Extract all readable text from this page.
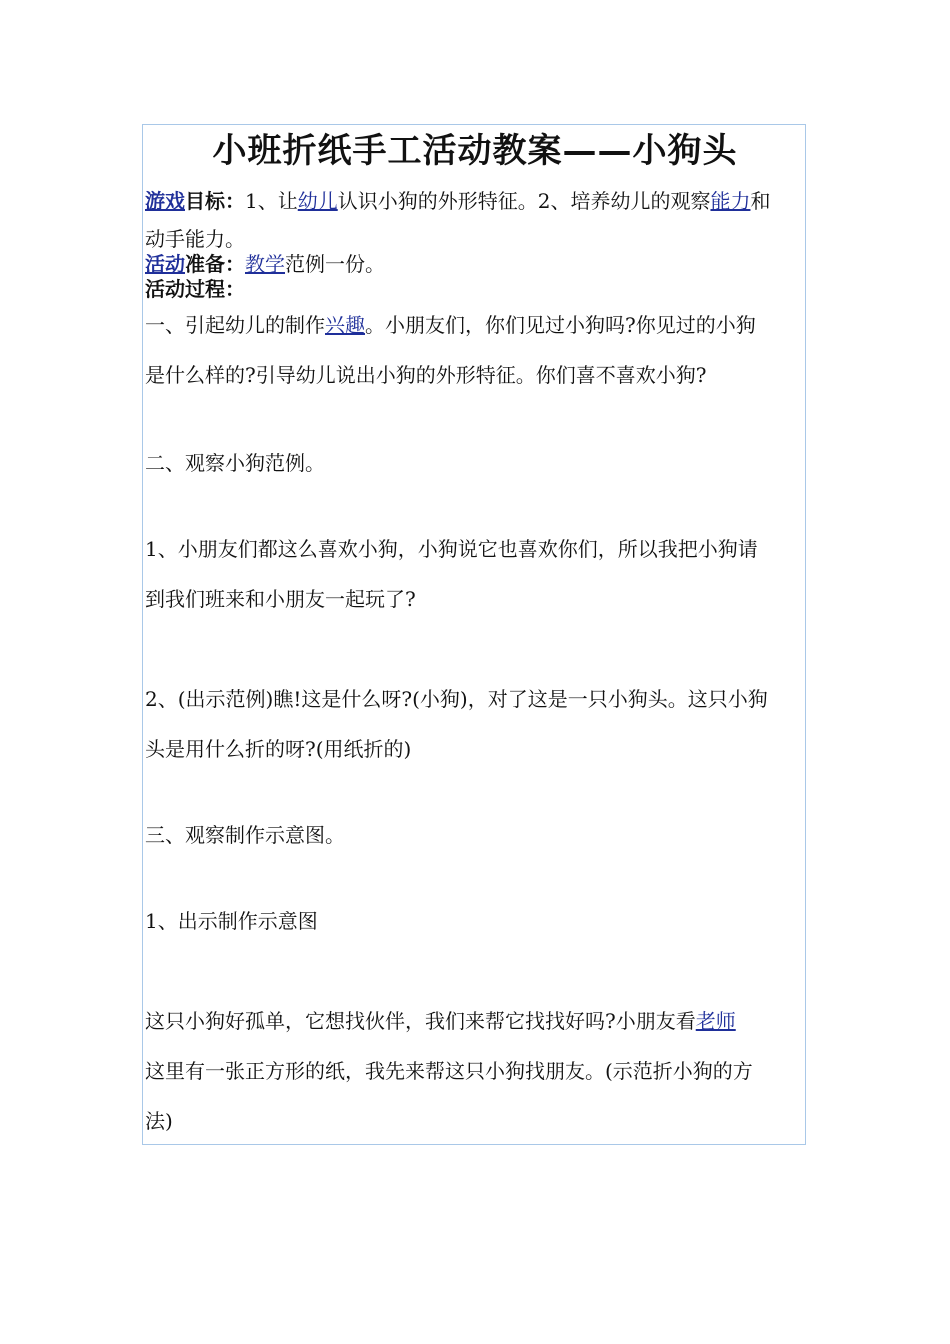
小班折纸手工活动教案——小狗头
游戏目标：1、让幼儿认识小狗的外形特征。2、培养幼儿的观察能力和
动手能力。
活动准备：教学范例一份。
活动过程：
一、引起幼儿的制作兴趣。小朋友们，你们见过小狗吗?你见过的小狗
是什么样的?引导幼儿说出小狗的外形特征。你们喜不喜欢小狗?
二、观察小狗范例。
1、小朋友们都这么喜欢小狗，小狗说它也喜欢你们，所以我把小狗请
到我们班来和小朋友一起玩了?
2、(出示范例)瞧!这是什么呀?(小狗)，对了这是一只小狗头。这只小狗
头是用什么折的呀?(用纸折的)
三、观察制作示意图。
1、出示制作示意图
这只小狗好孤单，它想找伙伴，我们来帮它找找好吗?小朋友看老师
这里有一张正方形的纸，我先来帮这只小狗找朋友。(示范折小狗的方
法)
